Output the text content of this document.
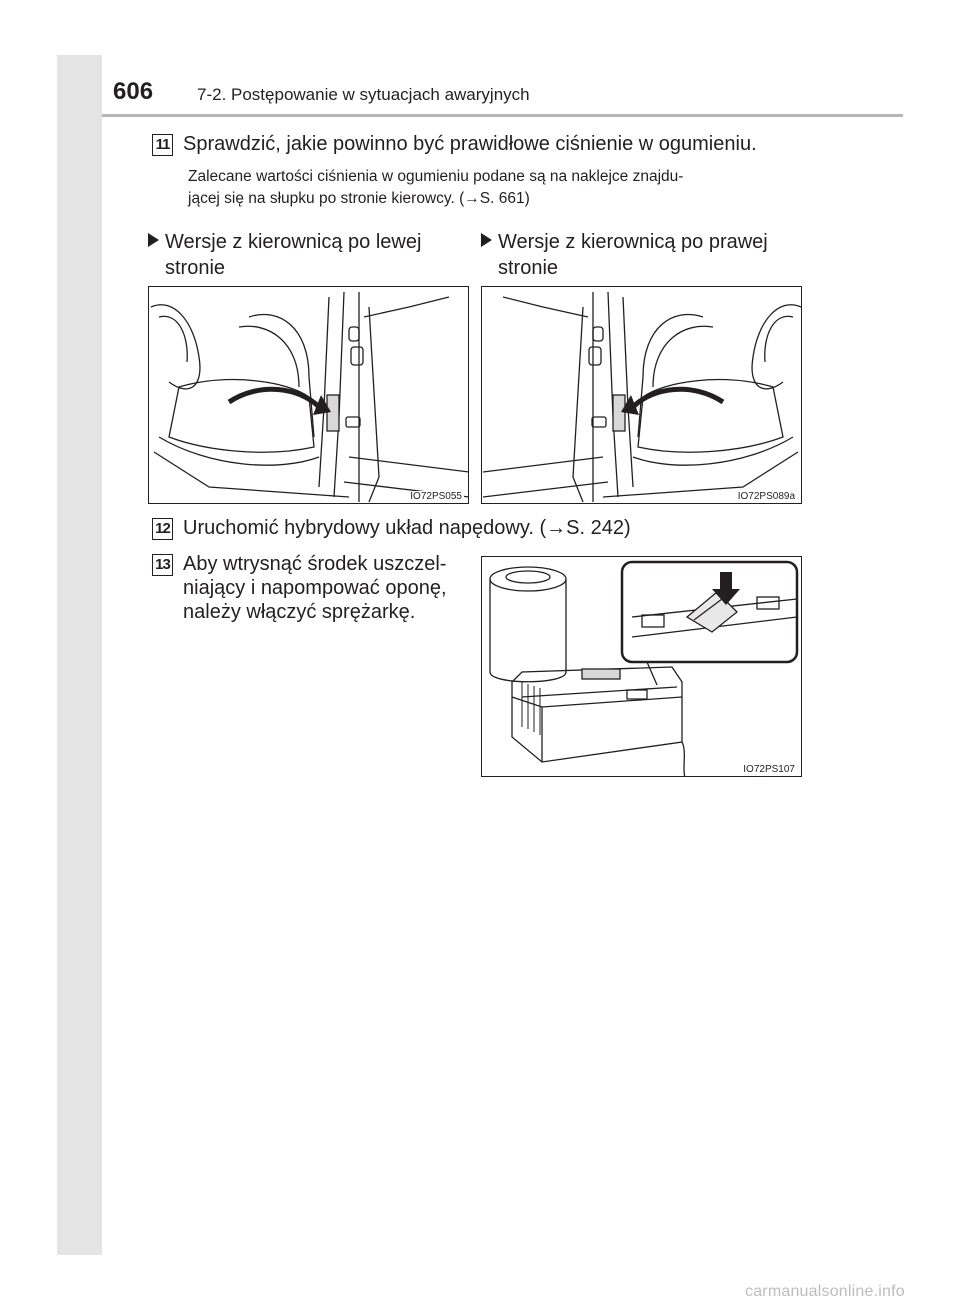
606	7-2. Postępowanie w sytuacjach awaryjnych
11 Sprawdzić, jakie powinno być prawidłowe ciśnienie w ogumieniu.
Zalecane wartości ciśnienia w ogumieniu podane są na naklejce znajdu-
jącej się na słupku po stronie kierowcy. (→S. 661)
Wersje z kierownicą po lewej
stronie
Wersje z kierownicą po prawej
stronie
IO72PS055	IO72PS089a
12 Uruchomić hybrydowy układ napędowy. (→S. 242)
13 Aby wtrysnąć środek uszczel-
niający i napompować oponę,
należy włączyć sprężarkę.
IO72PS107
carmanualsonline.info
